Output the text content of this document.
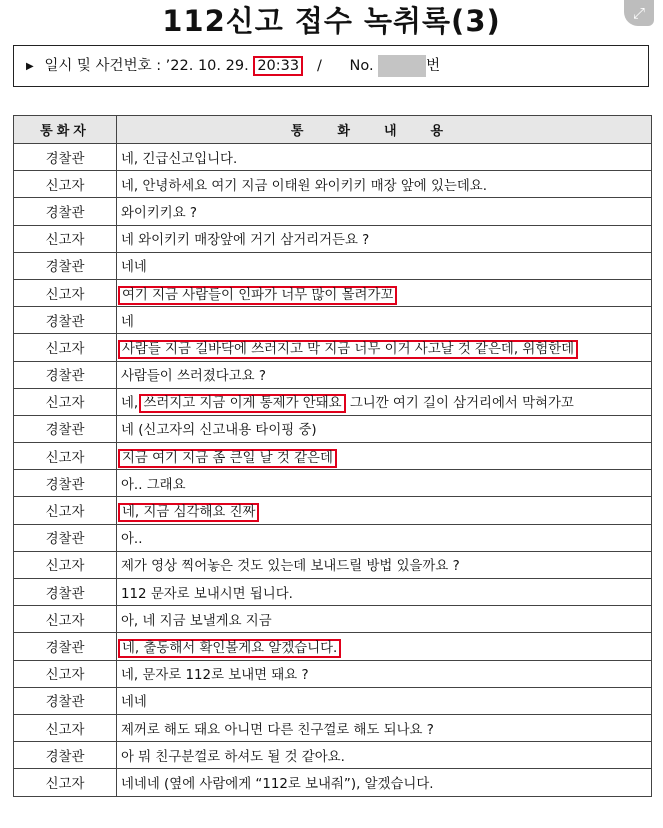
112신고 접수 녹취록(3)	⤢
▶ 일시 및 사건번호 : ’22. 10. 29. 20:33 / No.	번
통화자	통화내용
경찰관	네, 긴급신고입니다.
신고자	네, 안녕하세요 여기 지금 이태원 와이키키 매장 앞에 있는데요.
경찰관	와이키키요 ?
신고자	네 와이키키 매장앞에 거기 삼거리거든요 ?
경찰관	네네
신고자	여기 지금 사람들이 인파가 너무 많이 몰려가꼬
경찰관	네
신고자	사람들 지금 길바닥에 쓰러지고 막 지금 너무 이거 사고날 것 같은데, 위험한데
경찰관	사람들이 쓰러졌다고요 ?
신고자	네, 쓰러지고 지금 이게 통제가 안돼요 그니깐 여기 길이 삼거리에서 막혀가꼬
경찰관	네 (신고자의 신고내용 타이핑 중)
신고자	지금 여기 지금 좀 큰일 날 것 같은데
경찰관	아.. 그래요
신고자	네, 지금 심각해요 진짜
경찰관	아..
신고자	제가 영상 찍어놓은 것도 있는데 보내드릴 방법 있을까요 ?
경찰관	112 문자로 보내시면 됩니다.
신고자	아, 네 지금 보낼게요 지금
경찰관	네, 출동해서 확인볼게요 알겠습니다.
신고자	네, 문자로 112로 보내면 돼요 ?
경찰관	네네
신고자	제꺼로 해도 돼요 아니면 다른 친구껄로 해도 되나요 ?
경찰관	아 뭐 친구분껄로 하셔도 될 것 같아요.
신고자	네네네 (옆에 사람에게 “112로 보내줘”), 알겠습니다.
